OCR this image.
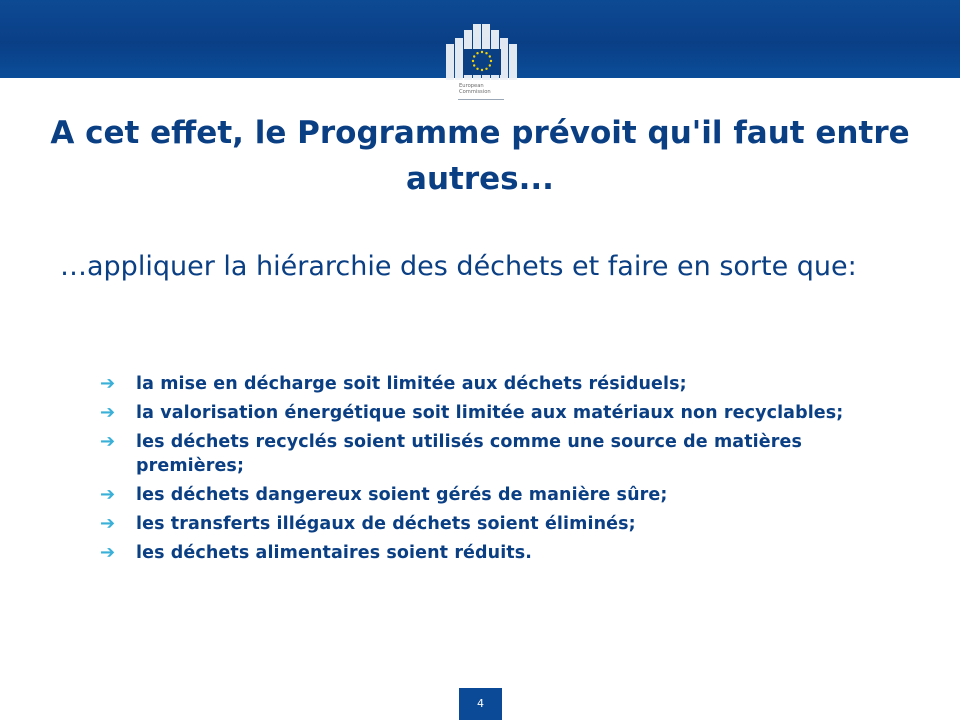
European
Commission
A cet effet, le Programme prévoit qu'il faut entre autres...

…appliquer la hiérarchie des déchets et faire en sorte que:

➔ la mise en décharge soit limitée aux déchets résiduels;
➔ la valorisation énergétique soit limitée aux matériaux non recyclables;
➔ les déchets recyclés soient utilisés comme une source de matières premières;
➔ les déchets dangereux soient gérés de manière sûre;
➔ les transferts illégaux de déchets soient éliminés;
➔ les déchets alimentaires soient réduits.
4
